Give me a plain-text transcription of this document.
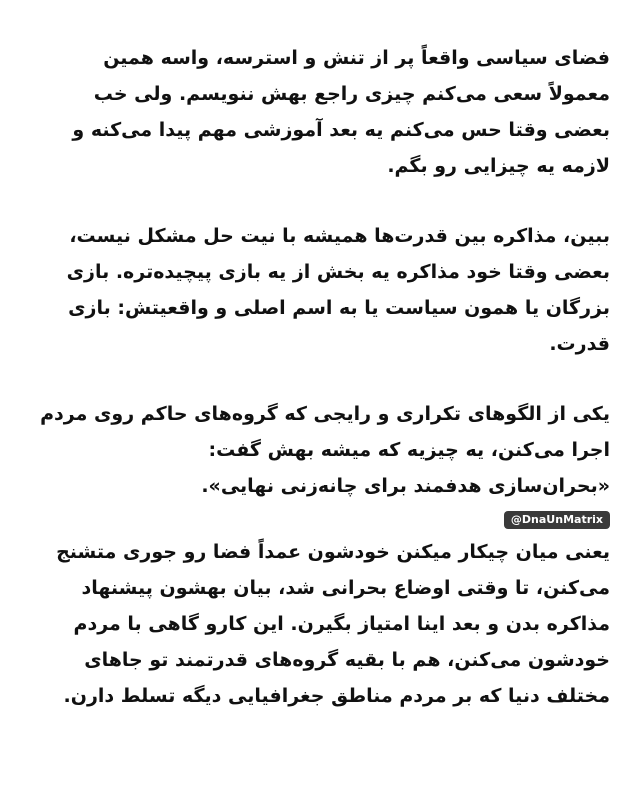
فضای سیاسی واقعاً پر از تنش و استرسه، واسه همین
معمولاً سعی می‌کنم چیزی راجع بهش ننویسم. ولی خب
بعضی وقتا حس می‌کنم یه بعد آموزشی مهم پیدا می‌کنه و
لازمه یه چیزایی رو بگم.

ببین، مذاکره بین قدرت‌ها همیشه با نیت حل مشکل نیست،
بعضی وقتا خود مذاکره یه بخش از یه بازی پیچیده‌تره. بازی
بزرگان یا همون سیاست یا به اسم اصلی و واقعیتش: بازی
قدرت.

یکی از الگوهای تکراری و رایجی که گروه‌های حاکم روی مردم
اجرا می‌کنن، یه چیزیه که میشه بهش گفت:
«بحران‌سازی هدفمند برای چانه‌زنی نهایی».

@DnaUnMatrix

یعنی میان چیکار میکنن خودشون عمداً فضا رو جوری متشنج
می‌کنن، تا وقتی اوضاع بحرانی شد، بیان بهشون پیشنهاد
مذاکره بدن و بعد اینا امتیاز بگیرن. این کارو گاهی با مردم
خودشون می‌کنن، هم با بقیه گروه‌های قدرتمند تو جاهای
مختلف دنیا که بر مردم مناطق جغرافیایی دیگه تسلط دارن.
